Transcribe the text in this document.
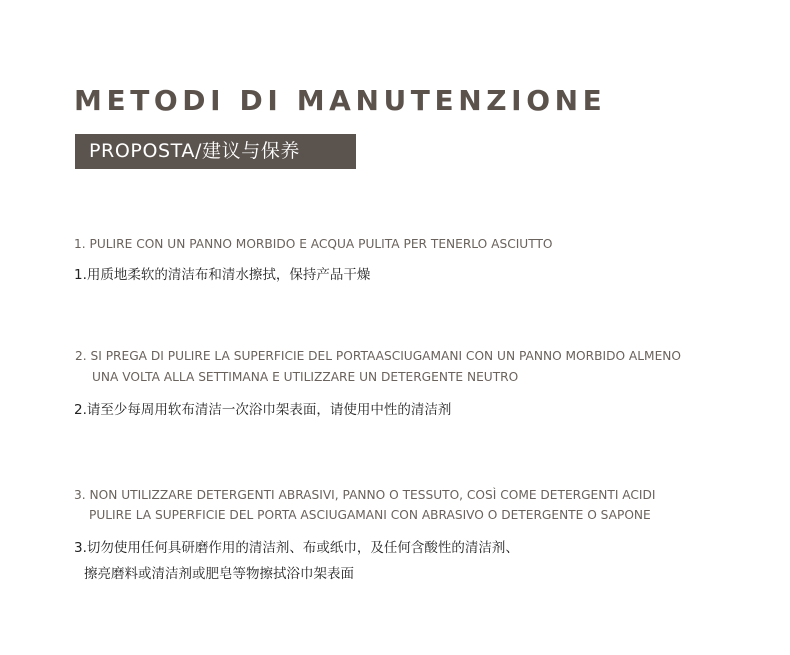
METODI DI MANUTENZIONE
PROPOSTA/建议与保养
1. PULIRE CON UN PANNO MORBIDO E ACQUA PULITA PER TENERLO ASCIUTTO
1.用质地柔软的清洁布和清水擦拭，保持产品干燥
2. SI PREGA DI PULIRE LA SUPERFICIE DEL PORTAASCIUGAMANI CON UN PANNO MORBIDO ALMENO
UNA VOLTA ALLA SETTIMANA E UTILIZZARE UN DETERGENTE NEUTRO
2.请至少每周用软布清洁一次浴巾架表面，请使用中性的清洁剂
3. NON UTILIZZARE DETERGENTI ABRASIVI, PANNO O TESSUTO, COSÌ COME DETERGENTI ACIDI
PULIRE LA SUPERFICIE DEL PORTA ASCIUGAMANI CON ABRASIVO O DETERGENTE O SAPONE
3.切勿使用任何具研磨作用的清洁剂、布或纸巾，及任何含酸性的清洁剂、
擦亮磨料或清洁剂或肥皂等物擦拭浴巾架表面
